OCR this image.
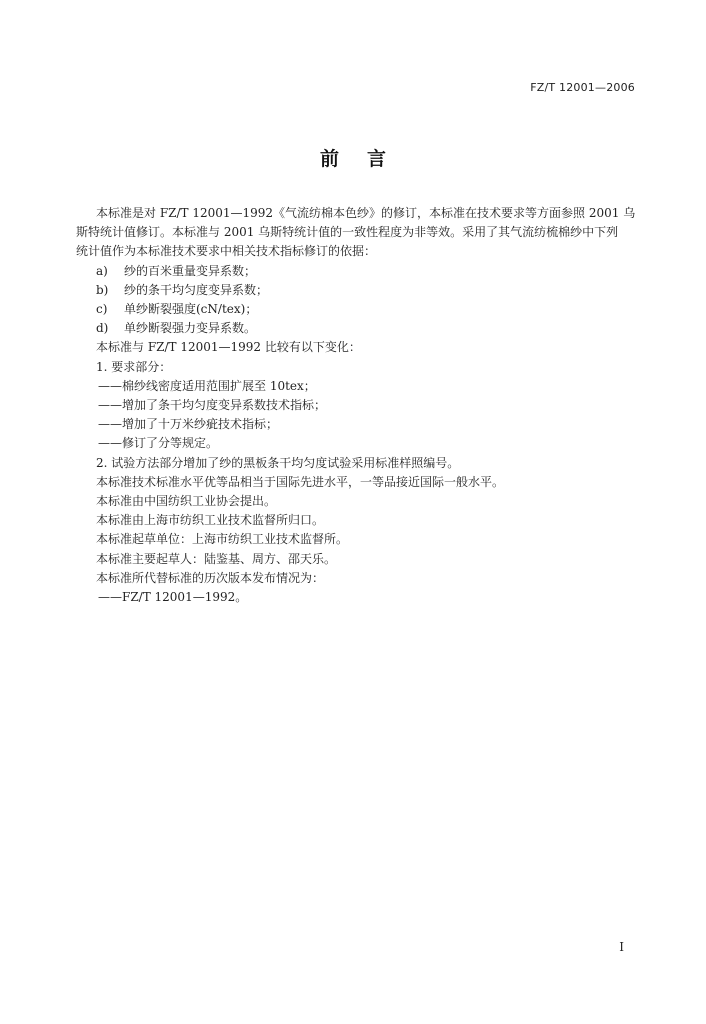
FZ/T 12001—2006
前言
本标准是对 FZ/T 12001—1992《气流纺棉本色纱》的修订，本标准在技术要求等方面参照 2001 乌
斯特统计值修订。本标准与 2001 乌斯特统计值的一致性程度为非等效。采用了其气流纺梳棉纱中下列
统计值作为本标准技术要求中相关技术指标修订的依据：
a) 纱的百米重量变异系数；
b) 纱的条干均匀度变异系数；
c) 单纱断裂强度(cN/tex)；
d) 单纱断裂强力变异系数。
本标准与 FZ/T 12001—1992 比较有以下变化：
1. 要求部分：
——棉纱线密度适用范围扩展至 10tex；
——增加了条干均匀度变异系数技术指标；
——增加了十万米纱疵技术指标；
——修订了分等规定。
2. 试验方法部分增加了纱的黑板条干均匀度试验采用标准样照编号。
本标准技术标准水平优等品相当于国际先进水平，一等品接近国际一般水平。
本标准由中国纺织工业协会提出。
本标准由上海市纺织工业技术监督所归口。
本标准起草单位：上海市纺织工业技术监督所。
本标准主要起草人：陆鉴基、周方、邵天乐。
本标准所代替标准的历次版本发布情况为：
——FZ/T 12001—1992。
I
